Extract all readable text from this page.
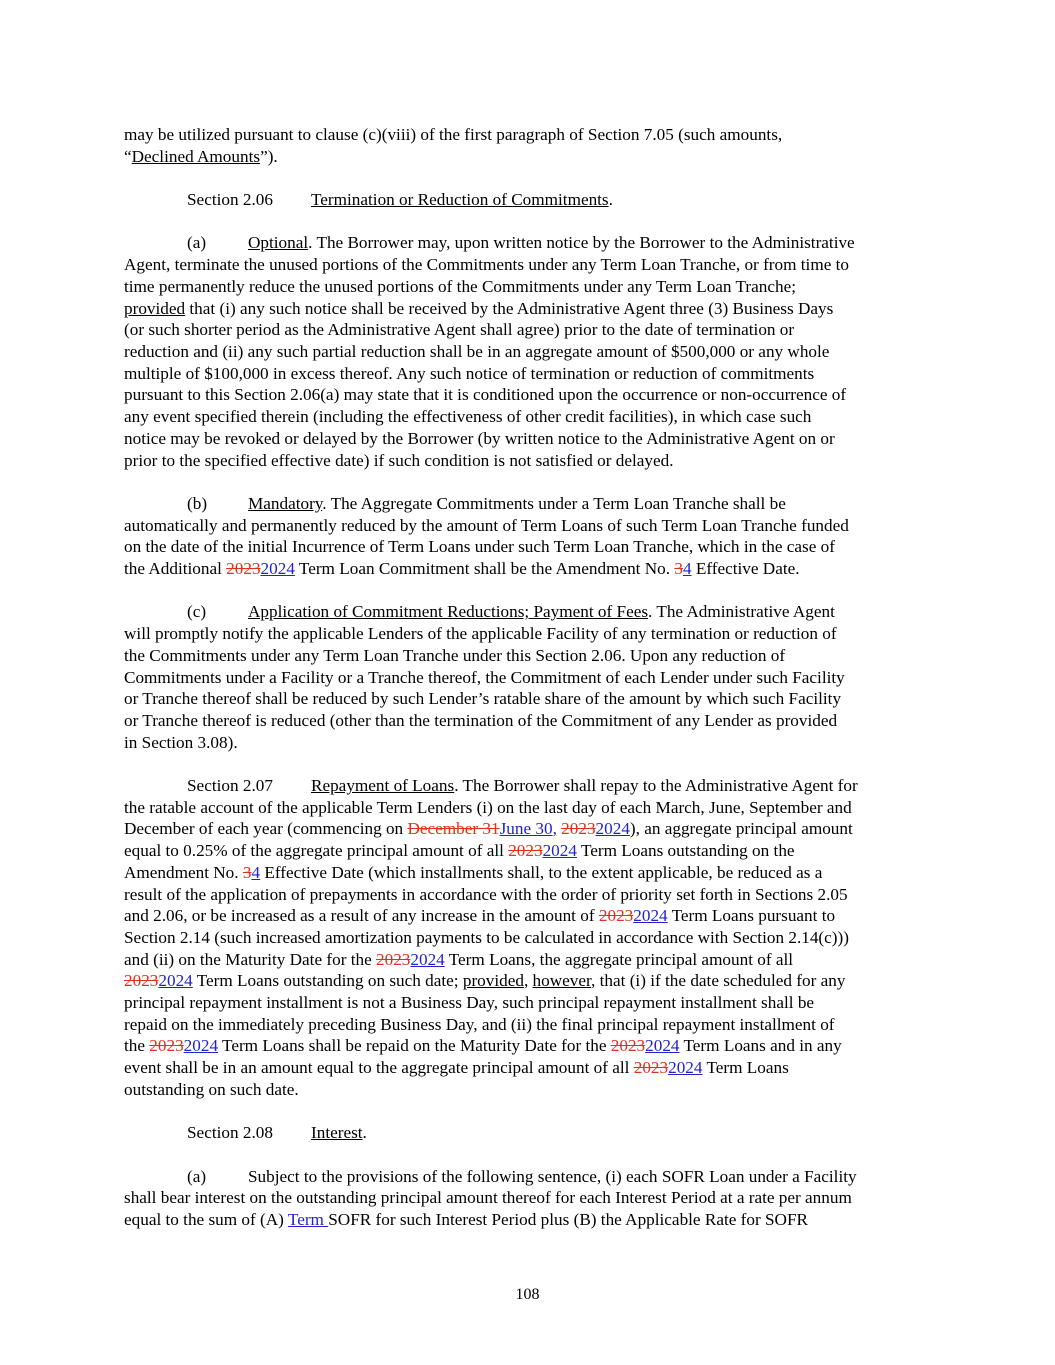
may be utilized pursuant to clause (c)(viii) of the first paragraph of Section 7.05 (such amounts,
“Declined Amounts”).

Section 2.06 Termination or Reduction of Commitments.

(a) Optional. The Borrower may, upon written notice by the Borrower to the Administrative
Agent, terminate the unused portions of the Commitments under any Term Loan Tranche, or from time to
time permanently reduce the unused portions of the Commitments under any Term Loan Tranche;
provided that (i) any such notice shall be received by the Administrative Agent three (3) Business Days
(or such shorter period as the Administrative Agent shall agree) prior to the date of termination or
reduction and (ii) any such partial reduction shall be in an aggregate amount of $500,000 or any whole
multiple of $100,000 in excess thereof. Any such notice of termination or reduction of commitments
pursuant to this Section 2.06(a) may state that it is conditioned upon the occurrence or non-occurrence of
any event specified therein (including the effectiveness of other credit facilities), in which case such
notice may be revoked or delayed by the Borrower (by written notice to the Administrative Agent on or
prior to the specified effective date) if such condition is not satisfied or delayed.

(b) Mandatory. The Aggregate Commitments under a Term Loan Tranche shall be
automatically and permanently reduced by the amount of Term Loans of such Term Loan Tranche funded
on the date of the initial Incurrence of Term Loans under such Term Loan Tranche, which in the case of
the Additional 20232024 Term Loan Commitment shall be the Amendment No. 34 Effective Date.

(c) Application of Commitment Reductions; Payment of Fees. The Administrative Agent
will promptly notify the applicable Lenders of the applicable Facility of any termination or reduction of
the Commitments under any Term Loan Tranche under this Section 2.06. Upon any reduction of
Commitments under a Facility or a Tranche thereof, the Commitment of each Lender under such Facility
or Tranche thereof shall be reduced by such Lender’s ratable share of the amount by which such Facility
or Tranche thereof is reduced (other than the termination of the Commitment of any Lender as provided
in Section 3.08).

Section 2.07 Repayment of Loans. The Borrower shall repay to the Administrative Agent for
the ratable account of the applicable Term Lenders (i) on the last day of each March, June, September and
December of each year (commencing on December 31June 30, 20232024), an aggregate principal amount
equal to 0.25% of the aggregate principal amount of all 20232024 Term Loans outstanding on the
Amendment No. 34 Effective Date (which installments shall, to the extent applicable, be reduced as a
result of the application of prepayments in accordance with the order of priority set forth in Sections 2.05
and 2.06, or be increased as a result of any increase in the amount of 20232024 Term Loans pursuant to
Section 2.14 (such increased amortization payments to be calculated in accordance with Section 2.14(c)))
and (ii) on the Maturity Date for the 20232024 Term Loans, the aggregate principal amount of all
20232024 Term Loans outstanding on such date; provided, however, that (i) if the date scheduled for any
principal repayment installment is not a Business Day, such principal repayment installment shall be
repaid on the immediately preceding Business Day, and (ii) the final principal repayment installment of
the 20232024 Term Loans shall be repaid on the Maturity Date for the 20232024 Term Loans and in any
event shall be in an amount equal to the aggregate principal amount of all 20232024 Term Loans
outstanding on such date.

Section 2.08 Interest.

(a) Subject to the provisions of the following sentence, (i) each SOFR Loan under a Facility
shall bear interest on the outstanding principal amount thereof for each Interest Period at a rate per annum
equal to the sum of (A) Term SOFR for such Interest Period plus (B) the Applicable Rate for SOFR

108
